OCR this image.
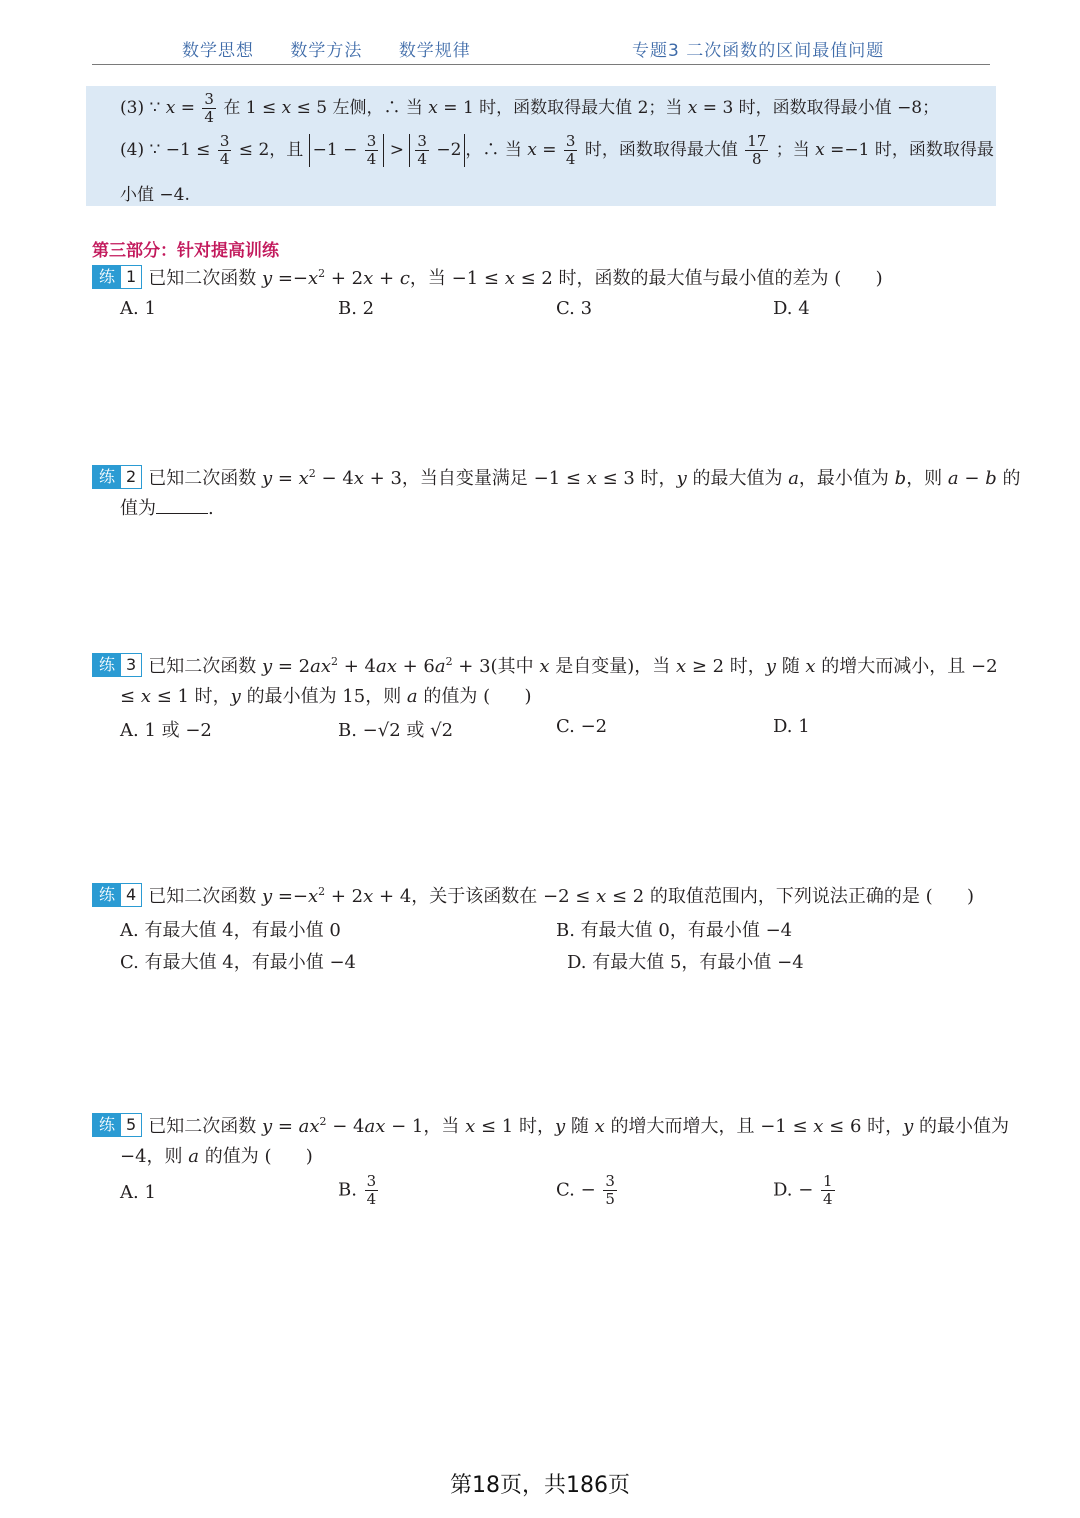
数学思想 数学方法 数学规律	专题3 二次函数的区间最值问题
(3) ∵ $x = \frac{3}{4}$ 在 1 ≤ x ≤ 5 左侧，∴ 当 x = 1 时，函数取得最大值 2；当 x = 3 时，函数取得最小值 −8；
(4) ∵ $-1 \le \frac{3}{4} \le 2$，且 $-1 - \frac{3}{4} > \frac{3}{4} -2$ ，∴ 当 $x = \frac{3}{4}$ 时，函数取得最大值 $\frac{17}{8}$ ；当 x =−1 时，函数取得最
小值 −4.
第三部分：针对提高训练
练 1 已知二次函数 $y =-x^2 + 2x + c$，当 −1 ≤ x ≤ 2 时，函数的最大值与最小值的差为 (      )
A. 1	B. 2	C. 3	D. 4
练 2 已知二次函数 $y = x^2 - 4x + 3$，当自变量满足 −1 ≤ x ≤ 3 时，y 的最大值为 a，最小值为 b，则 a − b 的
值为	.
练 3 已知二次函数 $y = 2ax^2 + 4ax + 6a^2 + 3$(其中 x 是自变量)，当 x ≥ 2 时，y 随 x 的增大而减小，且 −2
≤ x ≤ 1 时，y 的最小值为 15，则 a 的值为 (      )
A. 1 或 −2	B. −√2 或 √2	C. −2	D. 1
练 4 已知二次函数 $y =-x^2 + 2x + 4$，关于该函数在 −2 ≤ x ≤ 2 的取值范围内，下列说法正确的是 (      )
A. 有最大值 4，有最小值 0	B. 有最大值 0，有最小值 −4
C. 有最大值 4，有最小值 −4	D. 有最大值 5，有最小值 −4
练 5 已知二次函数 $y = ax^2 - 4ax - 1$，当 x ≤ 1 时，y 随 x 的增大而增大，且 −1 ≤ x ≤ 6 时，y 的最小值为
−4，则 a 的值为 (      )
A. 1	B. $\frac{3}{4}$	C. − $\frac{3}{5}$	D. − $\frac{1}{4}$
第18页，共186页
